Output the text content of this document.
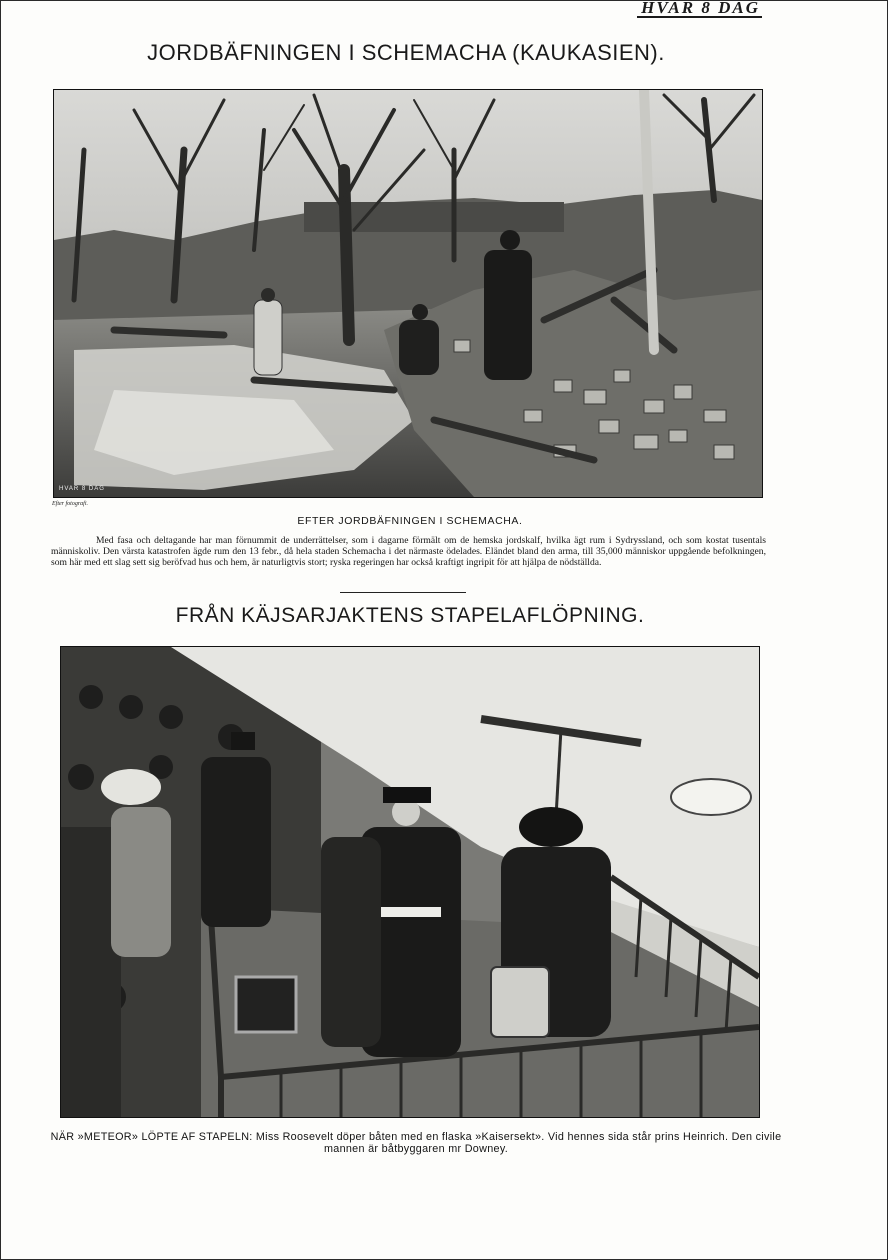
HVAR 8 DAG
JORDBÄFNINGEN I SCHEMACHA (KAUKASIEN).
HVAR 8 DAG
Efter fotografi.
EFTER JORDBÄFNINGEN I SCHEMACHA.

Med fasa och deltagande har man förnummit de underrättelser, som i dagarne förmält om de hemska jordskalf, hvilka ägt rum i Sydryssland, och som kostat tusentals människoliv. Den värsta katastrofen ägde rum den 13 febr., då hela staden Schemacha i det närmaste ödelades. Eländet bland den arma, till 35,000 människor uppgående befolkningen, som här med ett slag sett sig beröfvad hus och hem, är naturligtvis stort; ryska regeringen har också kraftigt ingripit för att hjälpa de nödställda.

FRÅN KÄJSARJAKTENS STAPELAFLÖPNING.

NÄR »METEOR» LÖPTE AF STAPELN: Miss Roosevelt döper båten med en flaska »Kaisersekt». Vid hennes sida står prins Heinrich. Den civile mannen är båtbyggaren mr Downey.
